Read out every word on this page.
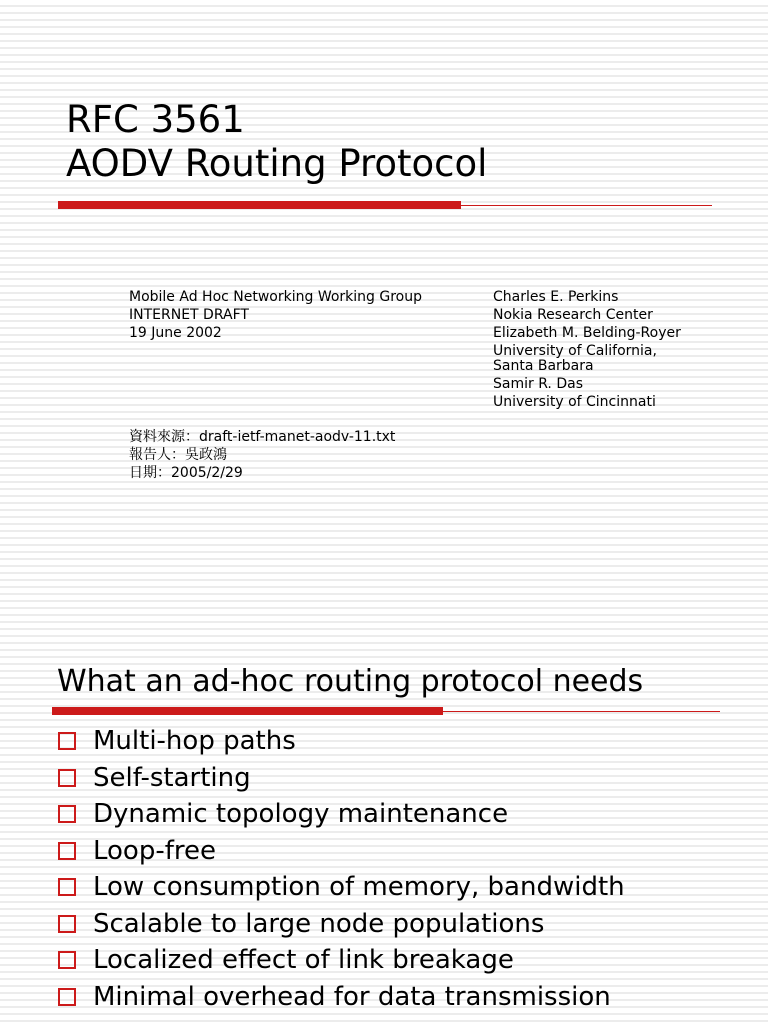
RFC 3561
AODV Routing Protocol
Mobile Ad Hoc Networking Working Group
INTERNET DRAFT
19 June 2002
Charles E. Perkins
Nokia Research Center
Elizabeth M. Belding-Royer
University of California,
Santa Barbara
Samir R. Das
University of Cincinnati
資料來源：draft-ietf-manet-aodv-11.txt
報告人：吳政鴻
日期：2005/2/29
What an ad-hoc routing protocol needs
Multi-hop paths
Self-starting
Dynamic topology maintenance
Loop-free
Low consumption of memory, bandwidth
Scalable to large node populations
Localized effect of link breakage
Minimal overhead for data transmission
